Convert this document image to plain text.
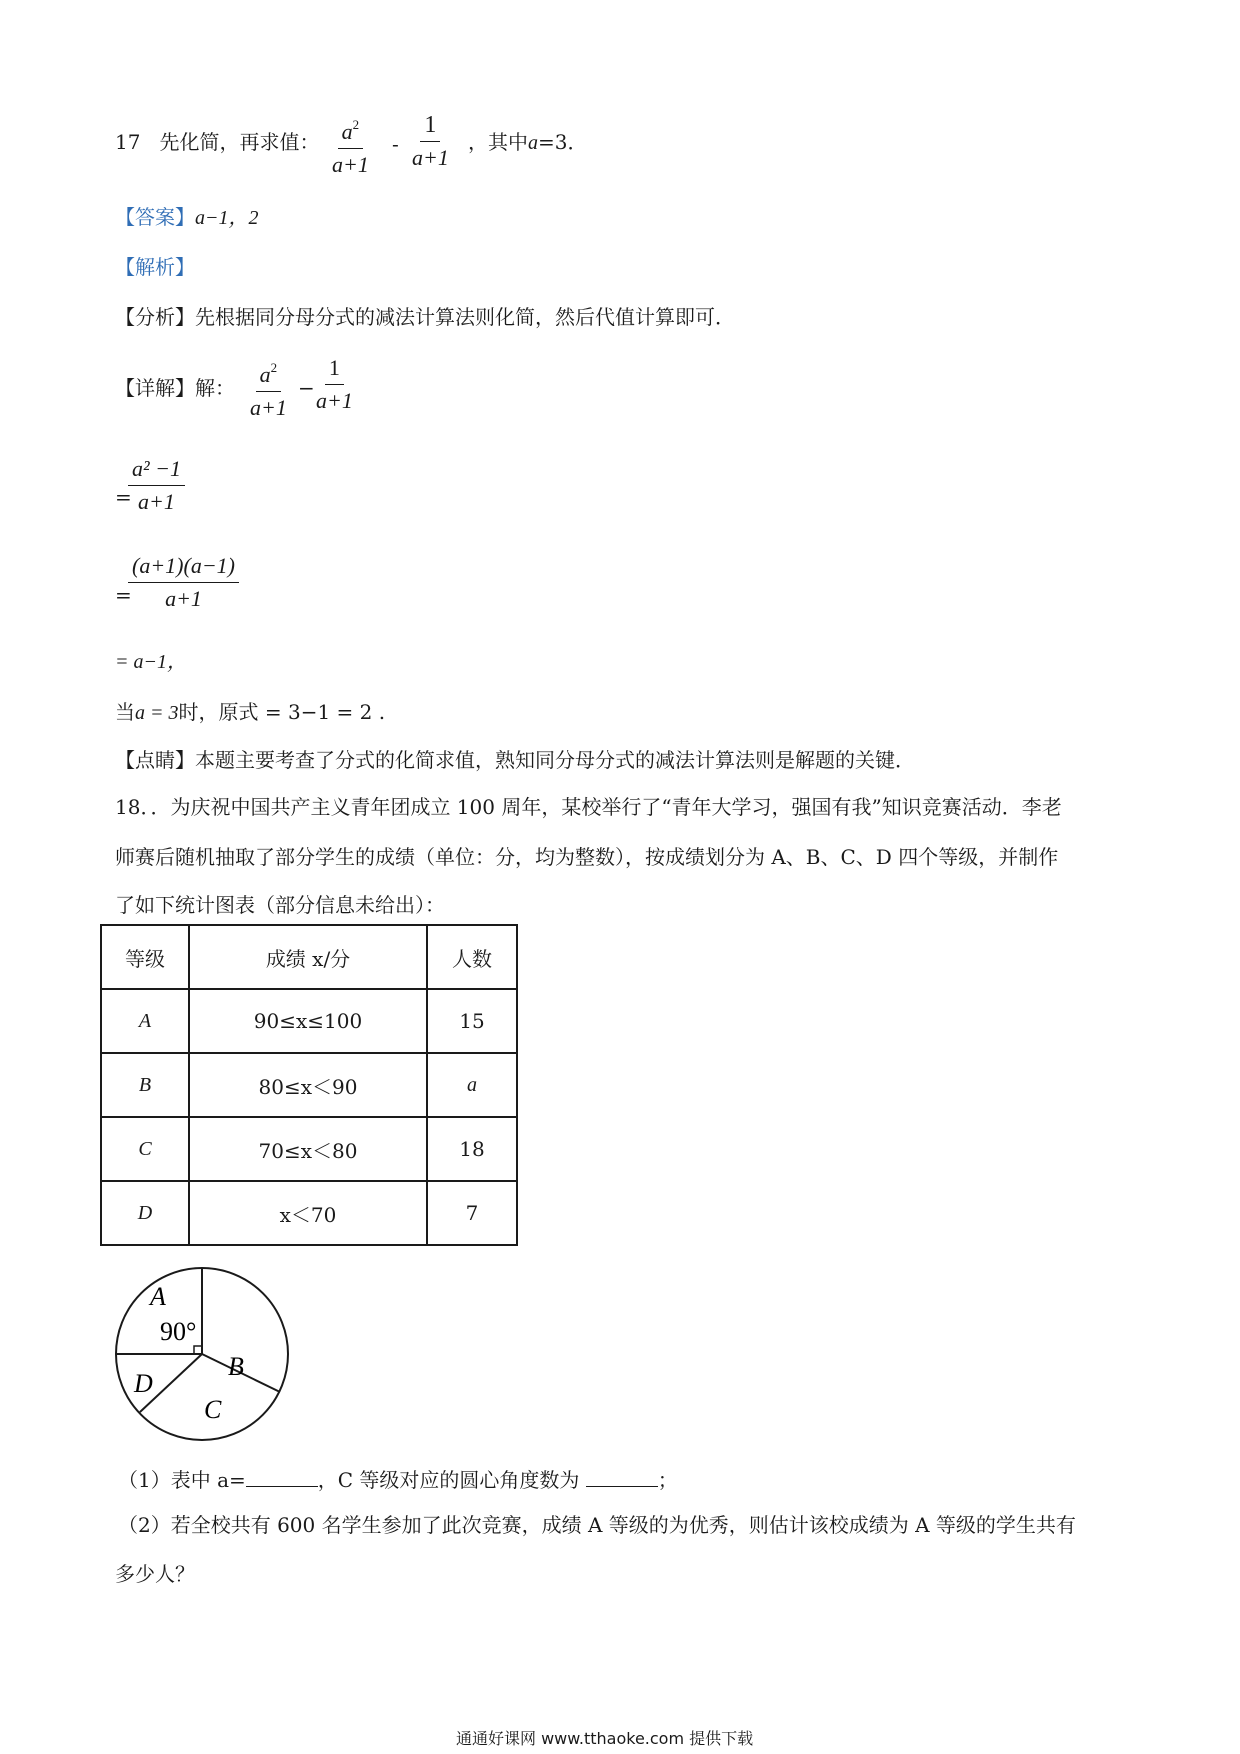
17 先化简，再求值： $\frac{a^2}{a+1} - \frac{1}{a+1}$ ，其中a=3．
【答案】a−1，2
【解析】
【分析】先根据同分母分式的减法计算法则化简，然后代值计算即可．
【详解】解： $\frac{a^2}{a+1}$ −
$\frac{1}{a+1}$
=
$\frac{\text{a² −1}}{a+1}$
=
$\frac{(a+1)(a-1)}{a+1}$
= a−1，
当a = 3时，原式 = 3−1 = 2 .
【点睛】本题主要考查了分式的化简求值，熟知同分母分式的减法计算法则是解题的关键．
18．．为庆祝中国共产主义青年团成立 100 周年，某校举行了“青年大学习，强国有我”知识竞赛活动．李老
师赛后随机抽取了部分学生的成绩（单位：分，均为整数），按成绩划分为 A、B、C、D 四个等级，并制作
了如下统计图表（部分信息未给出）：
等级	成绩 x/分	人数
A	90≤x≤100	15
B	80≤x＜90	a
C	70≤x＜80	18
D	x＜70	7
A
90°
B
C
D
（1）表中 a=	，C 等级对应的圆心角度数为	；
（2）若全校共有 600 名学生参加了此次竞赛，成绩 A 等级的为优秀，则估计该校成绩为 A 等级的学生共有
多少人？
通通好课网 www.tthaoke.com 提供下载
